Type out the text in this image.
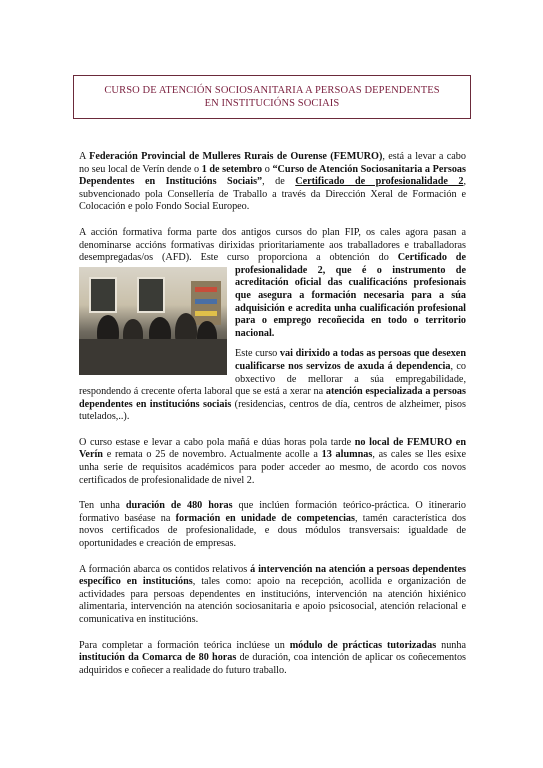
CURSO DE ATENCIÓN SOCIOSANITARIA A PERSOAS DEPENDENTES
EN INSTITUCIÓNS SOCIAIS

A Federación Provincial de Mulleres Rurais de Ourense (FEMURO), está a levar a cabo no seu local de Verín dende o 1 de setembro o “Curso de Atención Sociosanitaria a Persoas Dependentes en Institucións Sociais”, de Certificado de profesionalidade 2, subvencionado pola Consellería de Traballo a través da Dirección Xeral de Formación e Colocación e polo Fondo Social Europeo.

A acción formativa forma parte dos antigos cursos do plan FIP, os cales agora pasan a denominarse accións formativas dirixidas prioritariamente aos traballadores e traballadoras desempregadas/os (AFD). Este curso proporciona a obtención do
Certificado de profesionalidade 2, que é o instrumento de acreditación oficial das cualificacións profesionais que asegura a formación necesaria para a súa adquisición e acredita unha cualificación profesional para o emprego recoñecida en todo o territorio nacional.

Este curso vai dirixido a todas as persoas que desexen cualificarse nos servizos de axuda á dependencia, co obxectivo de mellorar a súa empregabilidade, respondendo á crecente oferta laboral que se está a xerar na atención especializada a persoas dependentes en institucións sociais (residencias, centros de día, centros de alzheimer, pisos tutelados,..).

O curso estase e levar a cabo pola mañá e dúas horas pola tarde no local de FEMURO en Verín e remata o 25 de novembro. Actualmente acolle a 13 alumnas, as cales se lles esixe unha serie de requisitos académicos para poder acceder ao mesmo, de acordo cos novos certificados de profesionalidade de nivel 2.

Ten unha duración de 480 horas que inclúen formación teórico-práctica. O itinerario formativo baséase na formación en unidade de competencias, tamén característica dos novos certificados de profesionalidade, e dous módulos transversais: igualdade de oportunidades e creación de empresas.

A formación abarca os contidos relativos á intervención na atención a persoas dependentes específico en institucións, tales como: apoio na recepción, acollida e organización de actividades para persoas dependentes en institucións, intervención na atención hixiénico alimentaria, intervención na atención sociosanitaria e apoio psicosocial, atención relacional e comunicativa en institucións.

Para completar a formación teórica inclúese un módulo de prácticas tutorizadas nunha institución da Comarca de 80 horas de duración, coa intención de aplicar os coñecementos adquiridos e coñecer a realidade do futuro traballo.
